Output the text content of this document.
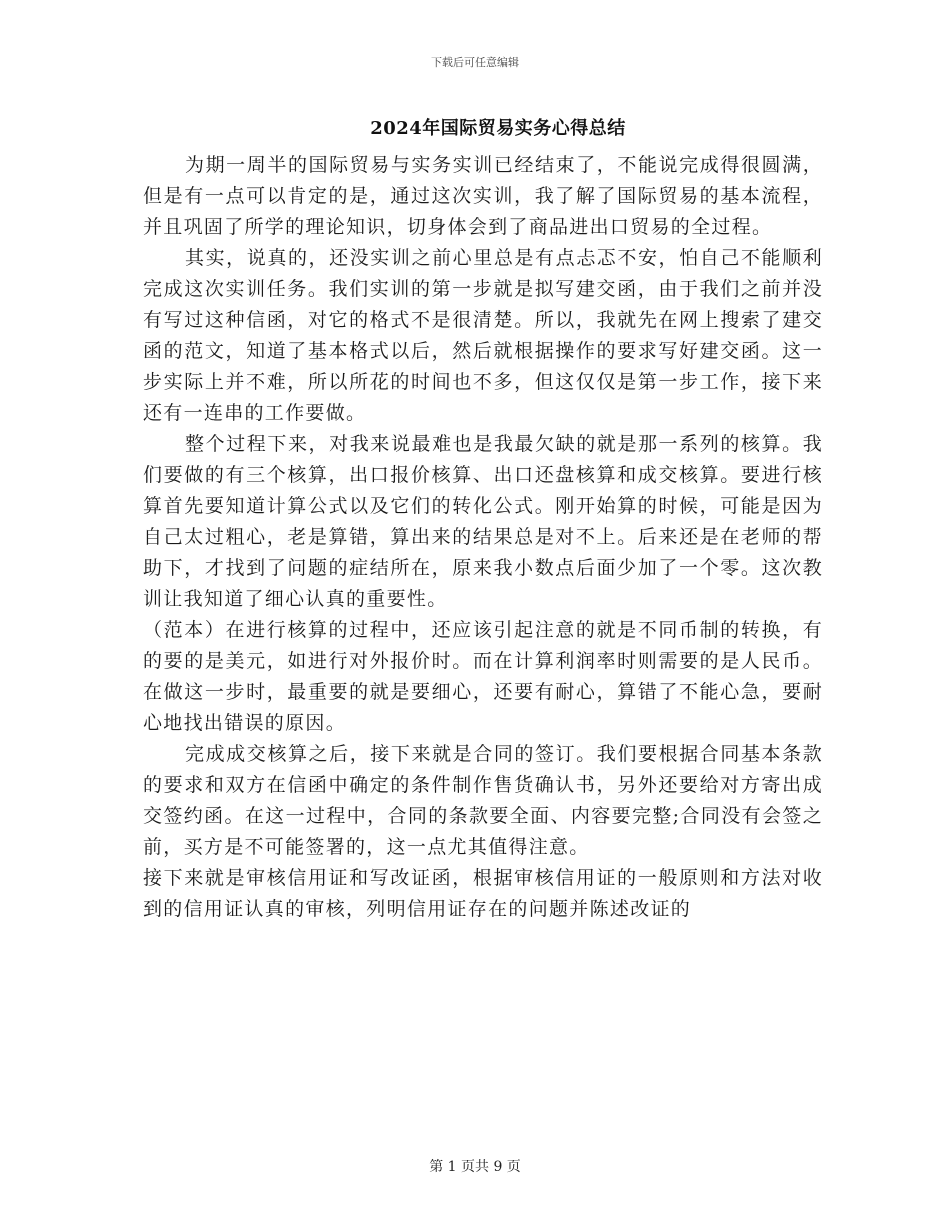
下载后可任意编辑
2024年国际贸易实务心得总结

为期一周半的国际贸易与实务实训已经结束了，不能说完成得很圆满，但是有一点可以肯定的是，通过这次实训，我了解了国际贸易的基本流程，并且巩固了所学的理论知识，切身体会到了商品进出口贸易的全过程。

其实，说真的，还没实训之前心里总是有点忐忑不安，怕自己不能顺利完成这次实训任务。我们实训的第一步就是拟写建交函，由于我们之前并没有写过这种信函，对它的格式不是很清楚。所以，我就先在网上搜索了建交函的范文，知道了基本格式以后，然后就根据操作的要求写好建交函。这一步实际上并不难，所以所花的时间也不多，但这仅仅是第一步工作，接下来还有一连串的工作要做。

整个过程下来，对我来说最难也是我最欠缺的就是那一系列的核算。我们要做的有三个核算，出口报价核算、出口还盘核算和成交核算。要进行核算首先要知道计算公式以及它们的转化公式。刚开始算的时候，可能是因为自己太过粗心，老是算错，算出来的结果总是对不上。后来还是在老师的帮助下，才找到了问题的症结所在，原来我小数点后面少加了一个零。这次教训让我知道了细心认真的重要性。

（范本）在进行核算的过程中，还应该引起注意的就是不同币制的转换，有的要的是美元，如进行对外报价时。而在计算利润率时则需要的是人民币。在做这一步时，最重要的就是要细心，还要有耐心，算错了不能心急，要耐心地找出错误的原因。

完成成交核算之后，接下来就是合同的签订。我们要根据合同基本条款的要求和双方在信函中确定的条件制作售货确认书，另外还要给对方寄出成交签约函。在这一过程中，合同的条款要全面、内容要完整;合同没有会签之前，买方是不可能签署的，这一点尤其值得注意。

接下来就是审核信用证和写改证函，根据审核信用证的一般原则和方法对收到的信用证认真的审核，列明信用证存在的问题并陈述改证的

第 1 页共 9 页
